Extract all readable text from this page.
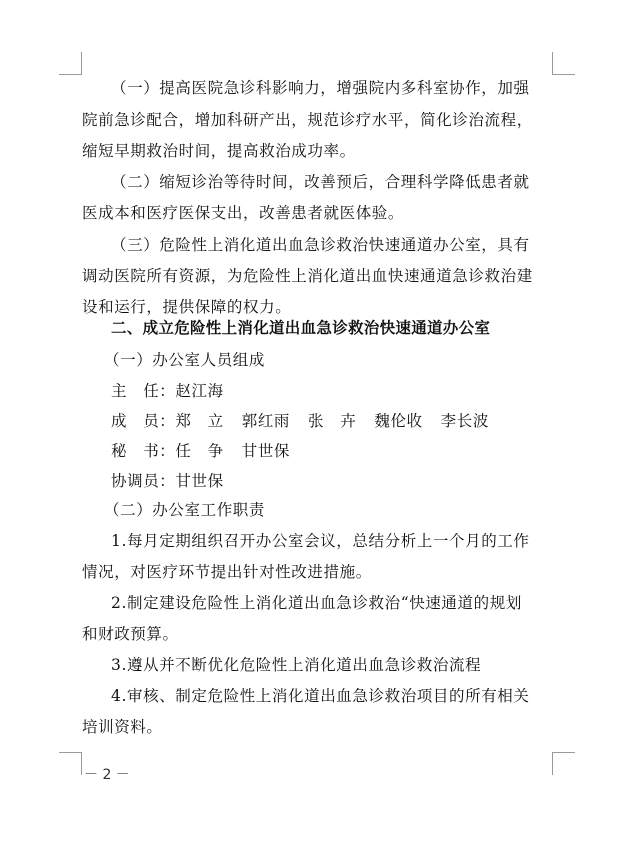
（一）提高医院急诊科影响力，增强院内多科室协作，加强
院前急诊配合，增加科研产出，规范诊疗水平，简化诊治流程，
缩短早期救治时间，提高救治成功率。
（二）缩短诊治等待时间，改善预后，合理科学降低患者就
医成本和医疗医保支出，改善患者就医体验。
（三）危险性上消化道出血急诊救治快速通道办公室，具有
调动医院所有资源，为危险性上消化道出血快速通道急诊救治建
设和运行，提供保障的权力。
二、成立危险性上消化道出血急诊救治快速通道办公室
（一）办公室人员组成
主　任：赵江海
成　员：郑　立 郭红雨 张　卉 魏伦收 李长波
秘　书：任　争 甘世保
协调员：甘世保
（二）办公室工作职责
1.每月定期组织召开办公室会议，总结分析上一个月的工作
情况，对医疗环节提出针对性改进措施。
2.制定建设危险性上消化道出血急诊救治“快速通道的规划
和财政预算。
3.遵从并不断优化危险性上消化道出血急诊救治流程
4.审核、制定危险性上消化道出血急诊救治项目的所有相关
培训资料。
－ 2 －
